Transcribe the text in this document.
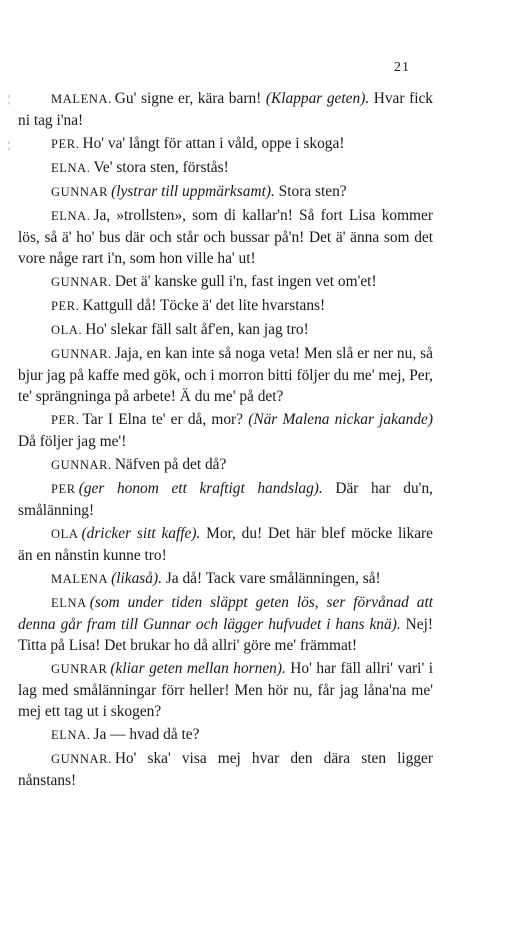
¦
¦
21

MALENA. Gu' signe er, kära barn! (Klappar geten). Hvar fick ni tag i'na!

PER. Ho' va' långt för attan i våld, oppe i skoga!

ELNA. Ve' stora sten, förstås!

GUNNAR (lystrar till uppmärksamt). Stora sten?

ELNA. Ja, »trollsten», som di kallar'n! Så fort Lisa kommer lös, så ä' ho' bus där och står och bussar på'n! Det ä' änna som det vore någe rart i'n, som hon ville ha' ut!

GUNNAR. Det ä' kanske gull i'n, fast ingen vet om'et!

PER. Kattgull då! Töcke ä' det lite hvarstans!

OLA. Ho' slekar fäll salt åf'en, kan jag tro!

GUNNAR. Jaja, en kan inte så noga veta! Men slå er ner nu, så bjur jag på kaffe med gök, och i morron bitti följer du me' mej, Per, te' sprängninga på arbete! Ä du me' på det?

PER. Tar I Elna te' er då, mor? (När Malena nickar jakande) Då följer jag me'!

GUNNAR. Näfven på det då?

PER (ger honom ett kraftigt handslag). Där har du'n, smålänning!

OLA (dricker sitt kaffe). Mor, du! Det här blef möcke likare än en nånstin kunne tro!

MALENA (likaså). Ja då! Tack vare smålänningen, så!

ELNA (som under tiden släppt geten lös, ser förvånad att denna går fram till Gunnar och lägger hufvudet i hans knä). Nej! Titta på Lisa! Det brukar ho då allri' göre me' främmat!

GUNRAR (kliar geten mellan hornen). Ho' har fäll allri' vari' i lag med smålänningar förr heller! Men hör nu, får jag låna'na me' mej ett tag ut i skogen?

ELNA. Ja — hvad då te?

GUNNAR. Ho' ska' visa mej hvar den dära sten ligger nånstans!
